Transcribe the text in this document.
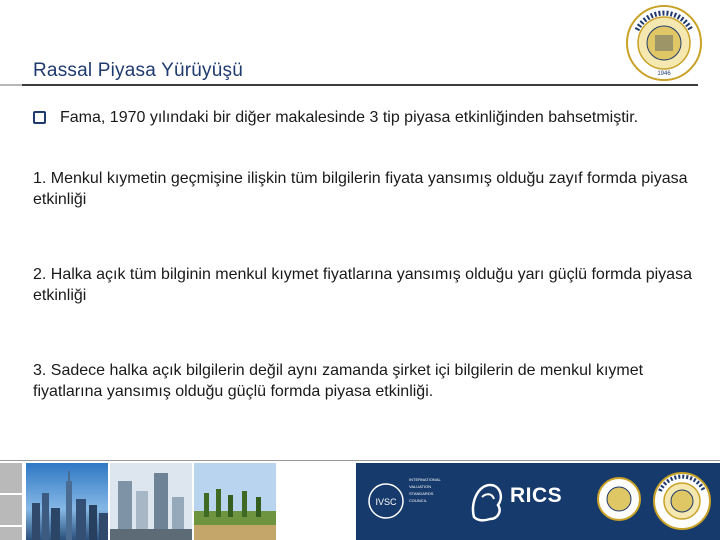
Rassal Piyasa Yürüyüşü	1946
Fama, 1970 yılındaki bir diğer makalesinde 3 tip piyasa etkinliğinden bahsetmiştir.
1. Menkul kıymetin geçmişine ilişkin tüm bilgilerin fiyata yansımış olduğu zayıf formda piyasa etkinliği
2. Halka açık tüm bilginin menkul kıymet fiyatlarına yansımış olduğu yarı güçlü formda piyasa etkinliği
3. Sadece halka açık bilgilerin değil aynı zamanda şirket içi bilgilerin de menkul kıymet fiyatlarına yansımış olduğu güçlü formda piyasa etkinliği.
IVSC
INTERNATIONAL VALUATION STANDARDS COUNCIL	RICS
